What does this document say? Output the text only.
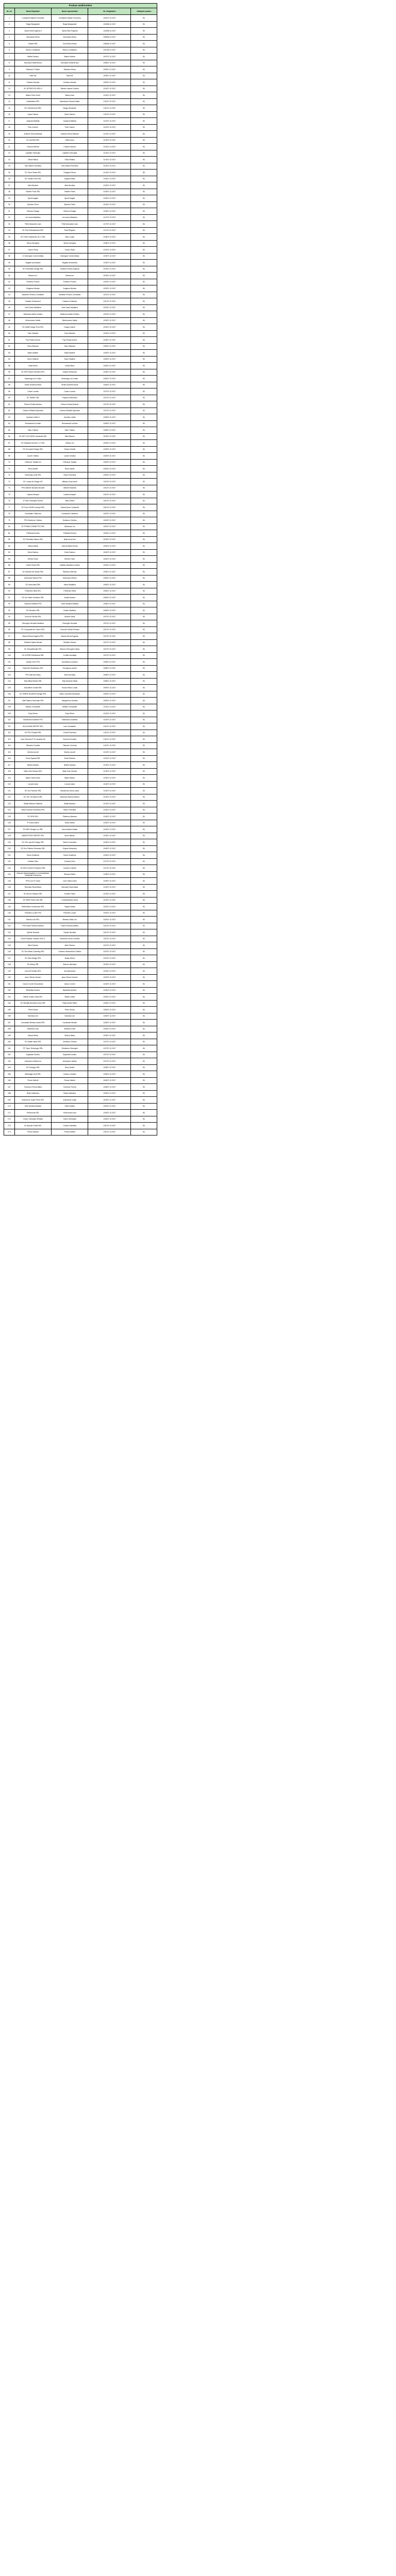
Produse meditronitere				
Nr. crt	Nume Expositor	Nume reprezentant	Nr. înregistrare	Categorie produs
1	Constantin Marian Porumbiu	Constantin Marian Porumbiu	1/02/07.12.2017	B1
2	Rasja Wangseder	Rasja Wangseder	1/03/08.12.2017	B1
3	Oprea Nine Eugenia II	Oprea Nine Eugenia	1/04/08.12.2017	B1
4	Mocoacha Elena	Mocoacha Elena	1/05/06.12.2017	B1
5	Fasbell SRL	Vinc Mirian Andra	1/06/06.12.2017	B1
6	Moscu Constantin	Moscu Constantin	1/07/06.12.2017	B1
7	Mathe Dobrea	Mathe Dobrea	1/07/07.12.2017	B1
8	Morosanu Mihai Bruna	Morosanu Mihai Bruna	1/08/07.12.2017	B1
9	Rabescu E Stana	Rabescu Elena	1/09/07.12.2017	B1
10	Sasu Ilie	Sasu Ilie	1/09/07.12.2017	B1
11	Ciobanu Nicolae	Ciobanu Nicolae	1/09/07.12.2017	B1
12	SC NITRATOCA SRL-D	Mirean Ivanina Cristina	1/10/07.12.2017	B1
13	Wascu Panu Dorel	Wascu Ioan	1/10/07.12.2017	B1
14	Gratimarket SRL	Slavuteanu Eduard Sabin	1/11/07.12.2017	B1
15	SC GrinGrinCola SRL	Neagu Alexandru	1/11/07.12.2017	B1
16	Aryan Hamon	Tynes Hamon	1/11/07.12.2017	B1
17	Acasava Matilda	Acasava Matilda	1/12/07.12.2017	B1
18	Pulu Cosmin	Pulu Cosmin	1/12/07.12.2017	B1
19	Ardeche Elena Mihaela	Ardeche Elena Mihaela	1/12/07.12.2017	B1
20	SC Ina Med SRL	Mihai Anca	1/13/07.12.2017	B1
21	Cracium Mirean	Cracium Mircea	1/13/07.12.2017	B1
22	Lastafilu Gheorghe	Lastafilu Gheorghe	1/13/07.12.2017	B1
23	Olivia Platica	Olivia Platica	1/14/07.12.2017	B1
24	Varu Maria Florentina	Varu Maria Florentina	1/14/07.12.2017	B1
25	SC Giunt Flavia SRL	Pangarof Elena	1/14/07.12.2017	B2
26	SC Golden Flow SRL	Anghel Diana	1/15/07.12.2017	B1
27	Alba Nicoleta	Alba Nicoleta	1/15/07.12.2017	B1
28	Fasberr Food SRL	Fasberr Pavel	1/15/07.12.2017	B1
29	Spurit Angela	Spurit Angela	1/16/07.12.2017	B1
30	Spiridon Florin	Spiridon Florin	1/16/07.12.2017	B1
31	Dinescu Dinaga	Dinescu Dinaga	1/16/07.12.2017	B1
32	Ion Ioana Madalina	Ion Ioana Madalina	1/17/07.12.2017	B1
33	Petel Alexandru Ioan	Petel Alexandru Ioan	1/17/07.12.2017	B1
34	SC Pan Entertainment SRL	Pavel Bogdan	1/17/07.12.2017	B1
35	SC Print in Afaceresc SU 1 SRL	Ojou Lucian	1/18/07.12.2017	B1
36	Stroia Georgeta	Stroia Georgeta	1/18/07.12.2017	B1
37	Cancu Paula	Cancu Paula	1/19/07.12.2017	B1
38	CI Gheorghe Cornel Artista	Gheorghe Cornel Artista	1/19/07.12.2017	B1
39	Bogdan Annamaria	Bogdan Annamaria	1/19/07.12.2017	B1
40	SC Hoverdale Design SRL	Seulescu Elena Eugenia	1/19/07.12.2017	B1
41	Mircea Ion I	Mircea Ion	1/20/07.12.2017	B1
42	Posebnu Podrun	Posebnu Podrun	1/20/07.12.2017	B1
43	Draginca Nicolae	Draginca Nicolae	1/20/07.12.2017	B1
44	Muntean Predrus Constante	Muntean Predrus Constante	1/21/07.12.2017	B1
45	Castano Ecaterina II	Castano Ecaterina	1/21/07.12.2017	B1
46	Vioel Oana Madalina	Vioel Oana Madalina	1/22/07.12.2017	B1
47	Moldovan Adela Cristina	Moldovan Adela Cristina	1/22/07.12.2017	B1
48	Mortorusanu Vasile	Mortorusanu Vasile	1/23/07.12.2017	B1
49	SC Artlife Design Prod SRL	Draga Cosmin	1/24/07.12.2017	B1
50	Fatu Gabriela	Fatu Gabriela	1/24/07.12.2017	B1
51	Pop Felicia Dorina	Pop Felicia Dorina	1/25/07.12.2017	B1
52	Siscu Mariana	Siscu Mariana	1/25/07.12.2017	B1
53	Marin Adaline	Marin Adaline	1/25/07.12.2017	B1
54	Suciu Vladimir	Suciu Vladimir	1/25/07.12.2017	B1
55	Ionita Elena	Ionita Elena	1/25/07.12.2017	B1
56	SC Elit Product Solutions SRL	Grigore Alexandra	1/26/07.12.2017	B1
57	Mosneagu Ion Costin	Mosneagu Ion Costin	1/26/07.12.2017	B1
58	Tertan Andreea Elena	Tertan Andreea Elena	1/26/07.12.2017	B1
59	Cesar Lucreta	Cesar Lucreta	1/27/07.12.2017	B1
60	SC TaraRe SRL	Popescu Alexandru	1/27/07.12.2017	B1
61	Petrea Cristina Andrea	Petrea Cristina Andrea	1/27/07.12.2017	B1
62	Cheenu Mihaela Sperante	Cheenu Mihaela Sperante	1/27/07.12.2017	B1
63	Aurelian Letitia II	Aurelian Letitia	1/28/07.12.2017	B1
64	Rosmanesti Luchian	Rosmanesti Luchian	1/28/07.12.2017	B1
65	Stan Cristina	Stan Cristina	1/28/07.12.2017	B1
66	SC ART CULTURAL Handcraft SRL	Mina Bianca	1/29/07.12.2017	B1
67	SC Artisanat Service C.I.I SRL	Cifescu Ion	1/29/07.12.2017	B1
68	SC Eucoprint Design SRL	Ciulacu Daniel	1/29/07.12.2017	B1
69	Laurer Cristina	Laurer Cristina	1/30/07.12.2017	B1
70	Ghemuar Tarsala Ion	Ghemuar Tarsala	1/30/07.12.2017	B1
71	Rusu Daniel	Rusu Daniel	1/30/07.12.2017	B1
72	Ghiorinag Liviuti SRL	Vlasu Florentina	1/30/07.12.2017	B1
73	SC Lorina Art Design SO	Mitescu Dumi Aurel	1/31/07.12.2017	B1
74	PFA Valentin Nicoleta Nicolae	Valentin Nicoleta	1/31/07.12.2017	B1
75	Lalarea Amayet	Lalarea Amayet	1/31/07.12.2017	B1
76	IF Stan Gheorghe Dorina	Stan Dorina	1/01/07.12.2017	B1
77	SC Porcu DINN Concept SRL	Ganea Anca Constanta	1/01/07.12.2017	B1
78	Constantin Catherine	Constantin Catherine	1/02/07.12.2017	B1
79	PFA Szekerov Cristina	Szekerov Cristina	1/02/07.12.2017	B1
80	SC PRIMA CONNECTIO SRL	Alexandru Ion	1/02/07.12.2017	B1
81	Pribeteali Dorina	Pribeteali Dorina	1/03/07.12.2017	B1
82	SC Farmatice Natum SRL	Bulei Anca Ana	1/03/07.12.2017	B1
83	Taneva Mihai	Taneva Mihai Dorina	1/03/07.12.2017	B1
84	Zonia Daescu	Zonia Daescu	1/04/07.12.2017	B1
85	Ghinea Tudor	Ghinea Tudor	1/04/07.12.2017	B1
86	Costel Smart SRL	Vasilian Madalina Cristina	1/04/07.12.2017	B1
87	SC Dukesin Art Studio SRL	Radescu Marcela	1/05/07.12.2017	B1
88	Ambrozye Marius PFA	Ambrozye Mircea	1/05/07.12.2017	B1
89	SC Alma Ideal SRL	Alexa Madalina	1/05/07.12.2017	B1
90	Putemarin Iliuta SRL	Putemarin Iliuta	1/05/07.12.2017	B1
91	SC Art Online Solutions SRL	Andrei Andrea	1/06/07.12.2017	B1
92	Solomon Adriana PFA	Tutan Adriana Mihaela	1/06/07.12.2017	B1
93	SC Mondere SRL	Dudau Marilena	1/06/07.12.2017	B1
94	Cristi Ion Nicolai SRL	Andrea Ioana	1/07/07.12.2017	B1
95	Gheorghe Nicoleta Marilena	Gheorghe Nicoleta	1/07/07.12.2017	B1
96	SC Compania Art Cosmo SRL	Cracovin Mirela Floriana	1/07/07.12.2017	B1
97	Manea Elena Eugenia PFA	Manea Elena Eugenia	1/07/07.12.2017	B1
98	Ghisliere Marius Bicuta	Ghisliere Marius	1/07/07.12.2017	B1
99	SC SecuaMenaje SRL	Stanciu Gheorghe Liliana	1/07/07.12.2017	B1
100	SC ESPREI Intellectual SRL	Cumfire Ansiadja	1/07/07.12.2017	B1
101	Sanser ALIE PFA	Dumitrescu Andreea	1/08/07.12.2017	B1
102	Flash Bul Distributors SRL	Georgescu Andrei	1/08/07.12.2017	B1
103	PFA Vlad Ana Mary	Vlad Ana Mary	1/08/07.12.2017	B1
104	Stan Mihai Bertan SRL	Stan Andrean Mihai	1/08/07.12.2017	B1
105	ArtLeafHer Creatif SRL	Eusan Elena Lucian	1/09/07.12.2017	B1
106	SC SPARK WordPrint Design SRL	Oianu Laurentiu Alexandru	1/09/07.12.2017	B1
107	Olaf Galiano Desenatu SRL	Margarescu Dumitra	1/09/07.12.2017	B1
108	Mihaeu Constantin	Mihaeu Constantin	1/10/07.12.2017	B1
109	Popa Elena	Popa Elena	1/10/07.12.2017	B1
110	Moldovanu Andreea PFA	Moldovanu Andreea	1/10/07.12.2017	B1
111	ALIN ALBIN IMPORT SRL	Ivan Constantin	1/11/07.12.2017	B1
112	SC PDC Rosalia SRL	Costa Florentina	1/11/07.12.2017	B1
113	Ioan Chernew E R Lavanda Intl	Chernew Dumitru	1/11/07.12.2017	B1
114	Tatmariu Cornelia	Tatmariu Cornelia	1/11/07.12.2017	B1
115	Morina Jucrolf	Morina Jucrolf	1/12/07.12.2017	B1
116	Prime Special SRL	Dobe Roberto	1/12/07.12.2017	B1
117	Bratea Adriana	Bratea Adriana	1/13/07.12.2017	B1
118	Mate Clarr Monica SRL	Mate Clarr Monica	1/13/07.12.2017	B1
119	Babei Cristi Ducan	Babei Marius	1/13/07.12.2017	B1
120	Lunuar Ioana	Lunuar Ioana	1/14/07.12.2017	B1
121	SC Eco Fashion SRL	Mocanescu Ianos Laura	1/14/07.12.2017	B1
122	SC Yes You Bianca SRL	Nicolescu Bianca Marina	1/14/07.12.2017	B1
123	Mihail Adeluna Gabriela	Mihail Adeluna	1/14/07.12.2017	B1
124	Radu Teodora Florentina PFA	Radu Florentina	1/15/07.12.2017	B1
125	SC SPIN SRL	Pitulescu Mariana	1/15/07.12.2017	B1
126	IF Dusa Liliana	Dusa Liliana	1/15/07.12.2017	B1
127	SC MEG Design Lux SRL	Ianos Marian Adrian	1/16/07.12.2017	B1
128	ABAPA PROD IMPORT SRL	Ianos Marian	1/16/07.12.2017	B1
129	SC Chic and Art Design SRL	Sandu Florentina	1/16/07.12.2017	B1
130	SC Eco Fashion Dinamics SRL	Grigore Alexandru	1/16/07.12.2017	B1
131	Surdu Ecaterina	Surdu Ecaterina	1/16/07.12.2017	B1
132	Ciobanu Dinu	Ciobanu Dinu	1/17/07.12.2017	B1
133	SC ANC Events Production SRL	Cracium Cristina	1/17/07.12.2017	B1
134	Buscaru Maurecegatirio si Comercializare Traditional Romanesc	Buscaru Maria	1/18/07.12.2017	B1
135	PFA Lucri G Ioana	Lucri Gaina Ioana	1/18/07.12.2017	B1
136	Racovita Paula Maria	Racovita Paula Maria	1/19/07.12.2017	B1
137	SC Adi Art Glasses SRL	Dumitru Pavel	1/19/07.12.2017	B1
138	SC MEM Great Lake SRL	Constantinescu Anca	1/19/07.12.2017	B1
139	Stella Maris Constructor SRL	Grigore Maria	1/20/07.12.2017	B1
140	Prelimbu Lucian PFA	Prelimbu Lucian	1/20/07.12.2017	B1
141	Berbecu Art SRL	Berbecu Radu Ion	1/20/07.12.2017	B1
142	PFA Popa Puneuta Adriana	Popa Puneuta Adriana	1/21/07.12.2017	B1
143	Opriste Nicoleta	Opriste Nicoleta	1/21/07.12.2017	B1
144	Cane Paradise Creative SRL-D	Paraschiv Elena Carmela	1/21/07.12.2017	B1
145	Albul Dobrea	Albul Dobrea	1/21/07.12.2017	B1
146	SC Eco-Ideas-Coaching SRL	Ciobanu Alexandrina Cristina	1/22/07.12.2017	B1
147	SC Sam Design SRL	Buzau Elena	1/22/07.12.2017	B1
148	SC Aldrop SRL	Stanciu Valentina	1/23/07.12.2017	B1
149	Ionu Art Textiles SRL	Ionu Alexandru	1/23/07.12.2017	B1
150	Iancu Elena Carmen	Iancu Elena Carmen	1/23/07.12.2017	B1
151	Ivanov Cornel Decoratiuni	Ivanov Cornel	1/24/07.12.2017	B1
152	Barbelian Andrea	Barbelian Andrea	1/24/07.12.2017	B1
153	Stefan Ionela Crista SRL	Stefan Ionela	1/25/07.12.2017	B1
154	SC Mindlab Business Sous SRL	Radu Andrei Mihai	1/25/07.12.2017	B1
155	Petru Sorina	Petru Sorina	1/25/07.12.2017	B1
156	Savmara Jon	Savmara Jon	1/26/07.12.2017	B1
157	Constantin Bertian Andrei SRL	Constantin Bertian	1/26/07.12.2017	B1
158	Moisescu Ioan	Moisescu Ioan	1/26/07.12.2017	B1
159	Zbarce Maria	Zbarce Maria	1/26/07.12.2017	B1
160	SC Amide Ideas SRL	Cristescu Cristina	1/27/07.12.2017	B1
161	PF Topor Tehnologic SRL	Ghiuleanu Gheorghe	1/27/07.12.2017	B1
162	Anghelat Dumitru	Anghelat Dumitru	1/27/07.12.2017	B1
163	Antonescu Stefan Ion	Antonescu Stefan	1/27/07.12.2017	B1
164	SC Ecologic SRL	Rusu Andrei	1/28/07.12.2017	B1
165	Minimagik Gold SRL	Ionescu Cristina	1/28/07.12.2017	B1
166	Florea Gabriel	Florea Gabriel	1/28/07.12.2017	B1
167	Tomescu Florina Maria	Tomescu Florina	1/28/07.12.2017	B1
168	Bolea Valentina	Bolea Valentina	1/29/07.12.2017	B1
169	Antonache Jorge Pedro SRL	Antonache Jorge	1/29/07.12.2017	B1
170	Gilet Daniela Mihaela	Gilet Daniela	1/29/07.12.2017	B1
171	Prebruncat SRL	Prebruncat Ionel	1/30/07.12.2017	B1
172	Ciolou Gheorghe Mihaela	Ciolou Gheorghe	1/30/07.12.2017	B1
173	Sc Special Crafts SRL	Craciun Marinela	1/31/07.12.2017	B1
174	Prana Daniela	Prana Daniela	1/31/07.12.2017	B1
